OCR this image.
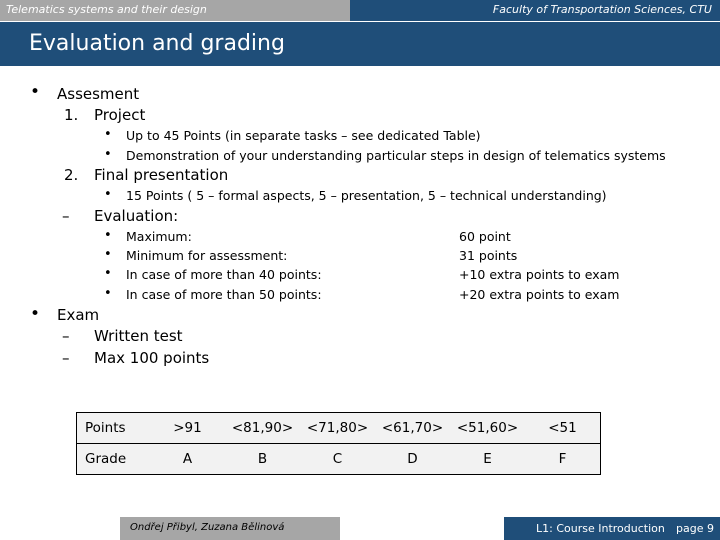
Telematics systems and their design	Faculty of Transportation Sciences, CTU
Evaluation and grading
• Assesment
1. Project
• Up to 45 Points (in separate tasks – see dedicated Table)
• Demonstration of your understanding particular steps in design of telematics systems
2. Final presentation
• 15 Points ( 5 – formal aspects, 5 – presentation, 5 – technical understanding)
– Evaluation:
• Maximum:	60 point
• Minimum for assessment:	31 points
• In case of more than 40 points:	+10 extra points to exam
• In case of more than 50 points:	+20 extra points to exam
• Exam
– Written test
– Max 100 points
Points	>91	<81,90>	<71,80>	<61,70>	<51,60>	<51
Grade	A	B	C	D	E	F
Ondřej Přibyl, Zuzana Bělinová	L1: Course Introduction page 9
